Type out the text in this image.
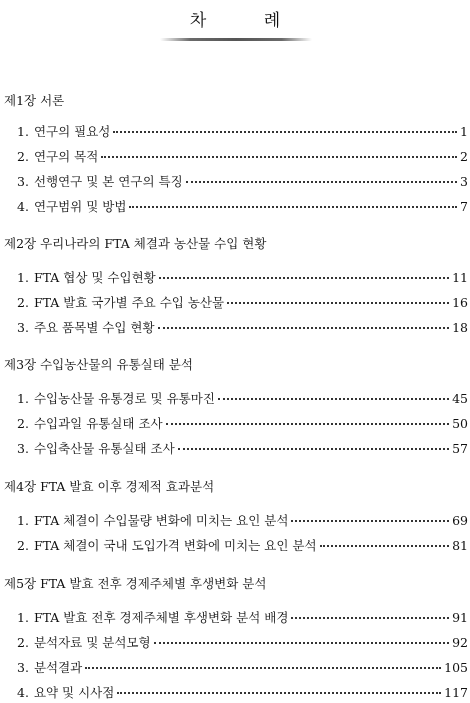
차 례
제1장 서론
1. 연구의 필요성	1
2. 연구의 목적	2
3. 선행연구 및 본 연구의 특징	3
4. 연구범위 및 방법	7
제2장 우리나라의 FTA 체결과 농산물 수입 현황
1. FTA 협상 및 수입현황	11
2. FTA 발효 국가별 주요 수입 농산물	16
3. 주요 품목별 수입 현황	18
제3장 수입농산물의 유통실태 분석
1. 수입농산물 유통경로 및 유통마진	45
2. 수입과일 유통실태 조사	50
3. 수입축산물 유통실태 조사	57
제4장 FTA 발효 이후 경제적 효과분석
1. FTA 체결이 수입물량 변화에 미치는 요인 분석	69
2. FTA 체결이 국내 도입가격 변화에 미치는 요인 분석	81
제5장 FTA 발효 전후 경제주체별 후생변화 분석
1. FTA 발효 전후 경제주체별 후생변화 분석 배경	91
2. 분석자료 및 분석모형	92
3. 분석결과	105
4. 요약 및 시사점	117
